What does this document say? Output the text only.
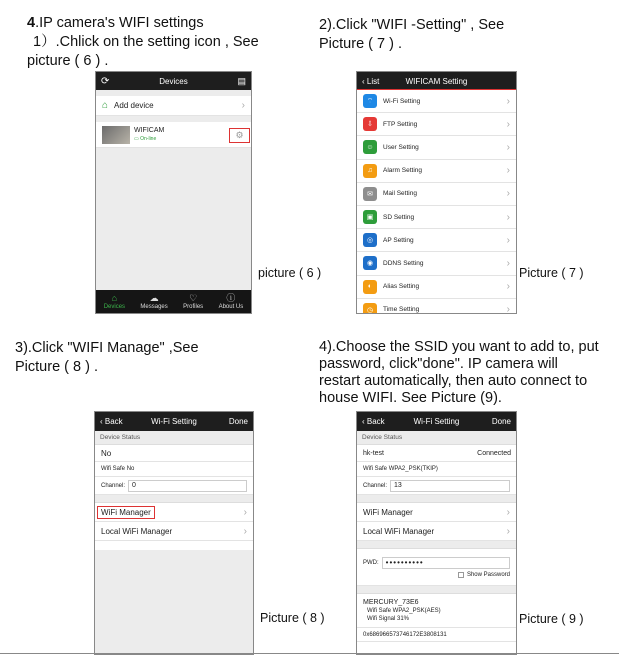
4.IP camera's WIFI settings
1）.Chlick on the setting icon , See
picture ( 6 ) .
2).Click "WIFI -Setting" , See
Picture ( 7 ) .
3).Click "WIFI Manage" ,See
Picture ( 8 ) .
4).Choose the SSID you want to add to, put
password, click"done". IP camera will
restart automatically, then auto connect to
house WIFI. See Picture (9).
picture ( 6 )	Picture ( 7 )
Picture ( 8 )	Picture ( 9 )
⟳	Devices	▤
⌂ Add device	›
WIFICAM
▭ On-line	⚙
⌂
Devices
☁
Messages
♡
Profiles
ⓘ
About Us
‹ List	WIFICAM Setting
⌔	Wi-Fi Setting	›
⇩	FTP Setting	›
☺	User Setting	›
♫	Alarm Setting	›
✉	Mail Setting	›
▣	SD Setting	›
◎	AP Setting	›
◉	DDNS Setting	›
◐	Alias Setting	›
◷	Time Setting	›
‹ Back	Wi-Fi Setting	Done
Device Status
No
Wifi Safe
No
Channel:	0
WiFi Manager	›
Local WiFi Manager	›
‹ Back	Wi-Fi Setting	Done
Device Status
hk-test	Connected
Wifi Safe
WPA2_PSK(TKIP)
Channel:	13
WiFi Manager	›
Local WiFi Manager	›
PWD: ••••••••••
Show Password
MERCURY_73E6
Wifi Safe WPA2_PSK(AES)
Wifi Signal 31%
0x686966573746172E3808131
